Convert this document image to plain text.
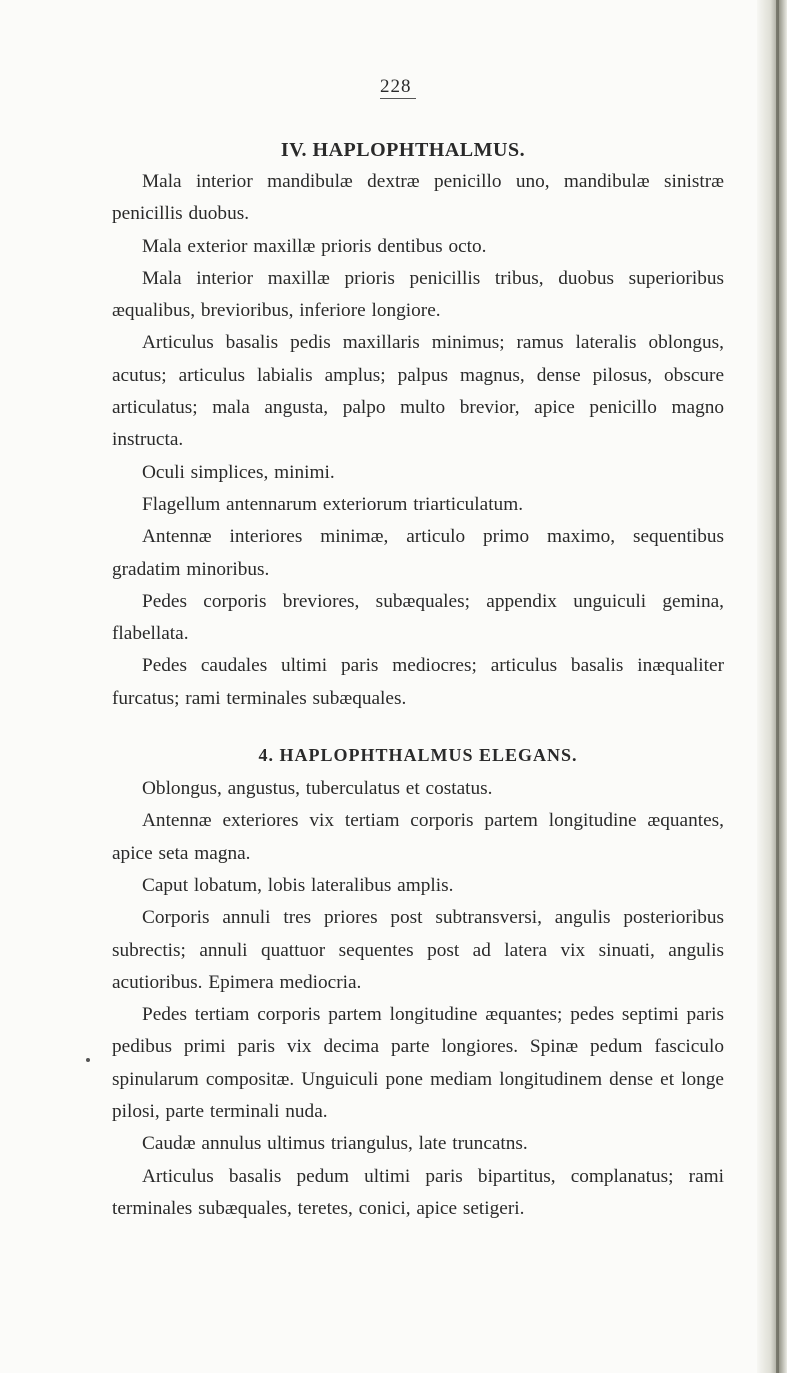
228
IV. HAPLOPHTHALMUS.

Mala interior mandibulæ dextræ penicillo uno, mandibulæ sinistræ penicillis duobus.

Mala exterior maxillæ prioris dentibus octo.

Mala interior maxillæ prioris penicillis tribus, duobus superioribus æqualibus, brevioribus, inferiore longiore.

Articulus basalis pedis maxillaris minimus; ramus lateralis oblongus, acutus; articulus labialis amplus; palpus magnus, dense pilosus, obscure articulatus; mala angusta, palpo multo brevior, apice penicillo magno instructa.

Oculi simplices, minimi.

Flagellum antennarum exteriorum triarticulatum.

Antennæ interiores minimæ, articulo primo maximo, sequentibus gradatim minoribus.

Pedes corporis breviores, subæquales; appendix unguiculi gemina, flabellata.

Pedes caudales ultimi paris mediocres; articulus basalis inæqualiter furcatus; rami terminales subæquales.

4. HAPLOPHTHALMUS ELEGANS.

Oblongus, angustus, tuberculatus et costatus.

Antennæ exteriores vix tertiam corporis partem longitudine æquantes, apice seta magna.

Caput lobatum, lobis lateralibus amplis.

Corporis annuli tres priores post subtransversi, angulis posterioribus subrectis; annuli quattuor sequentes post ad latera vix sinuati, angulis acutioribus. Epimera mediocria.

Pedes tertiam corporis partem longitudine æquantes; pedes septimi paris pedibus primi paris vix decima parte longiores. Spinæ pedum fasciculo spinularum compositæ. Unguiculi pone mediam longitudinem dense et longe pilosi, parte terminali nuda.

Caudæ annulus ultimus triangulus, late truncatns.

Articulus basalis pedum ultimi paris bipartitus, complanatus; rami terminales subæquales, teretes, conici, apice setigeri.
